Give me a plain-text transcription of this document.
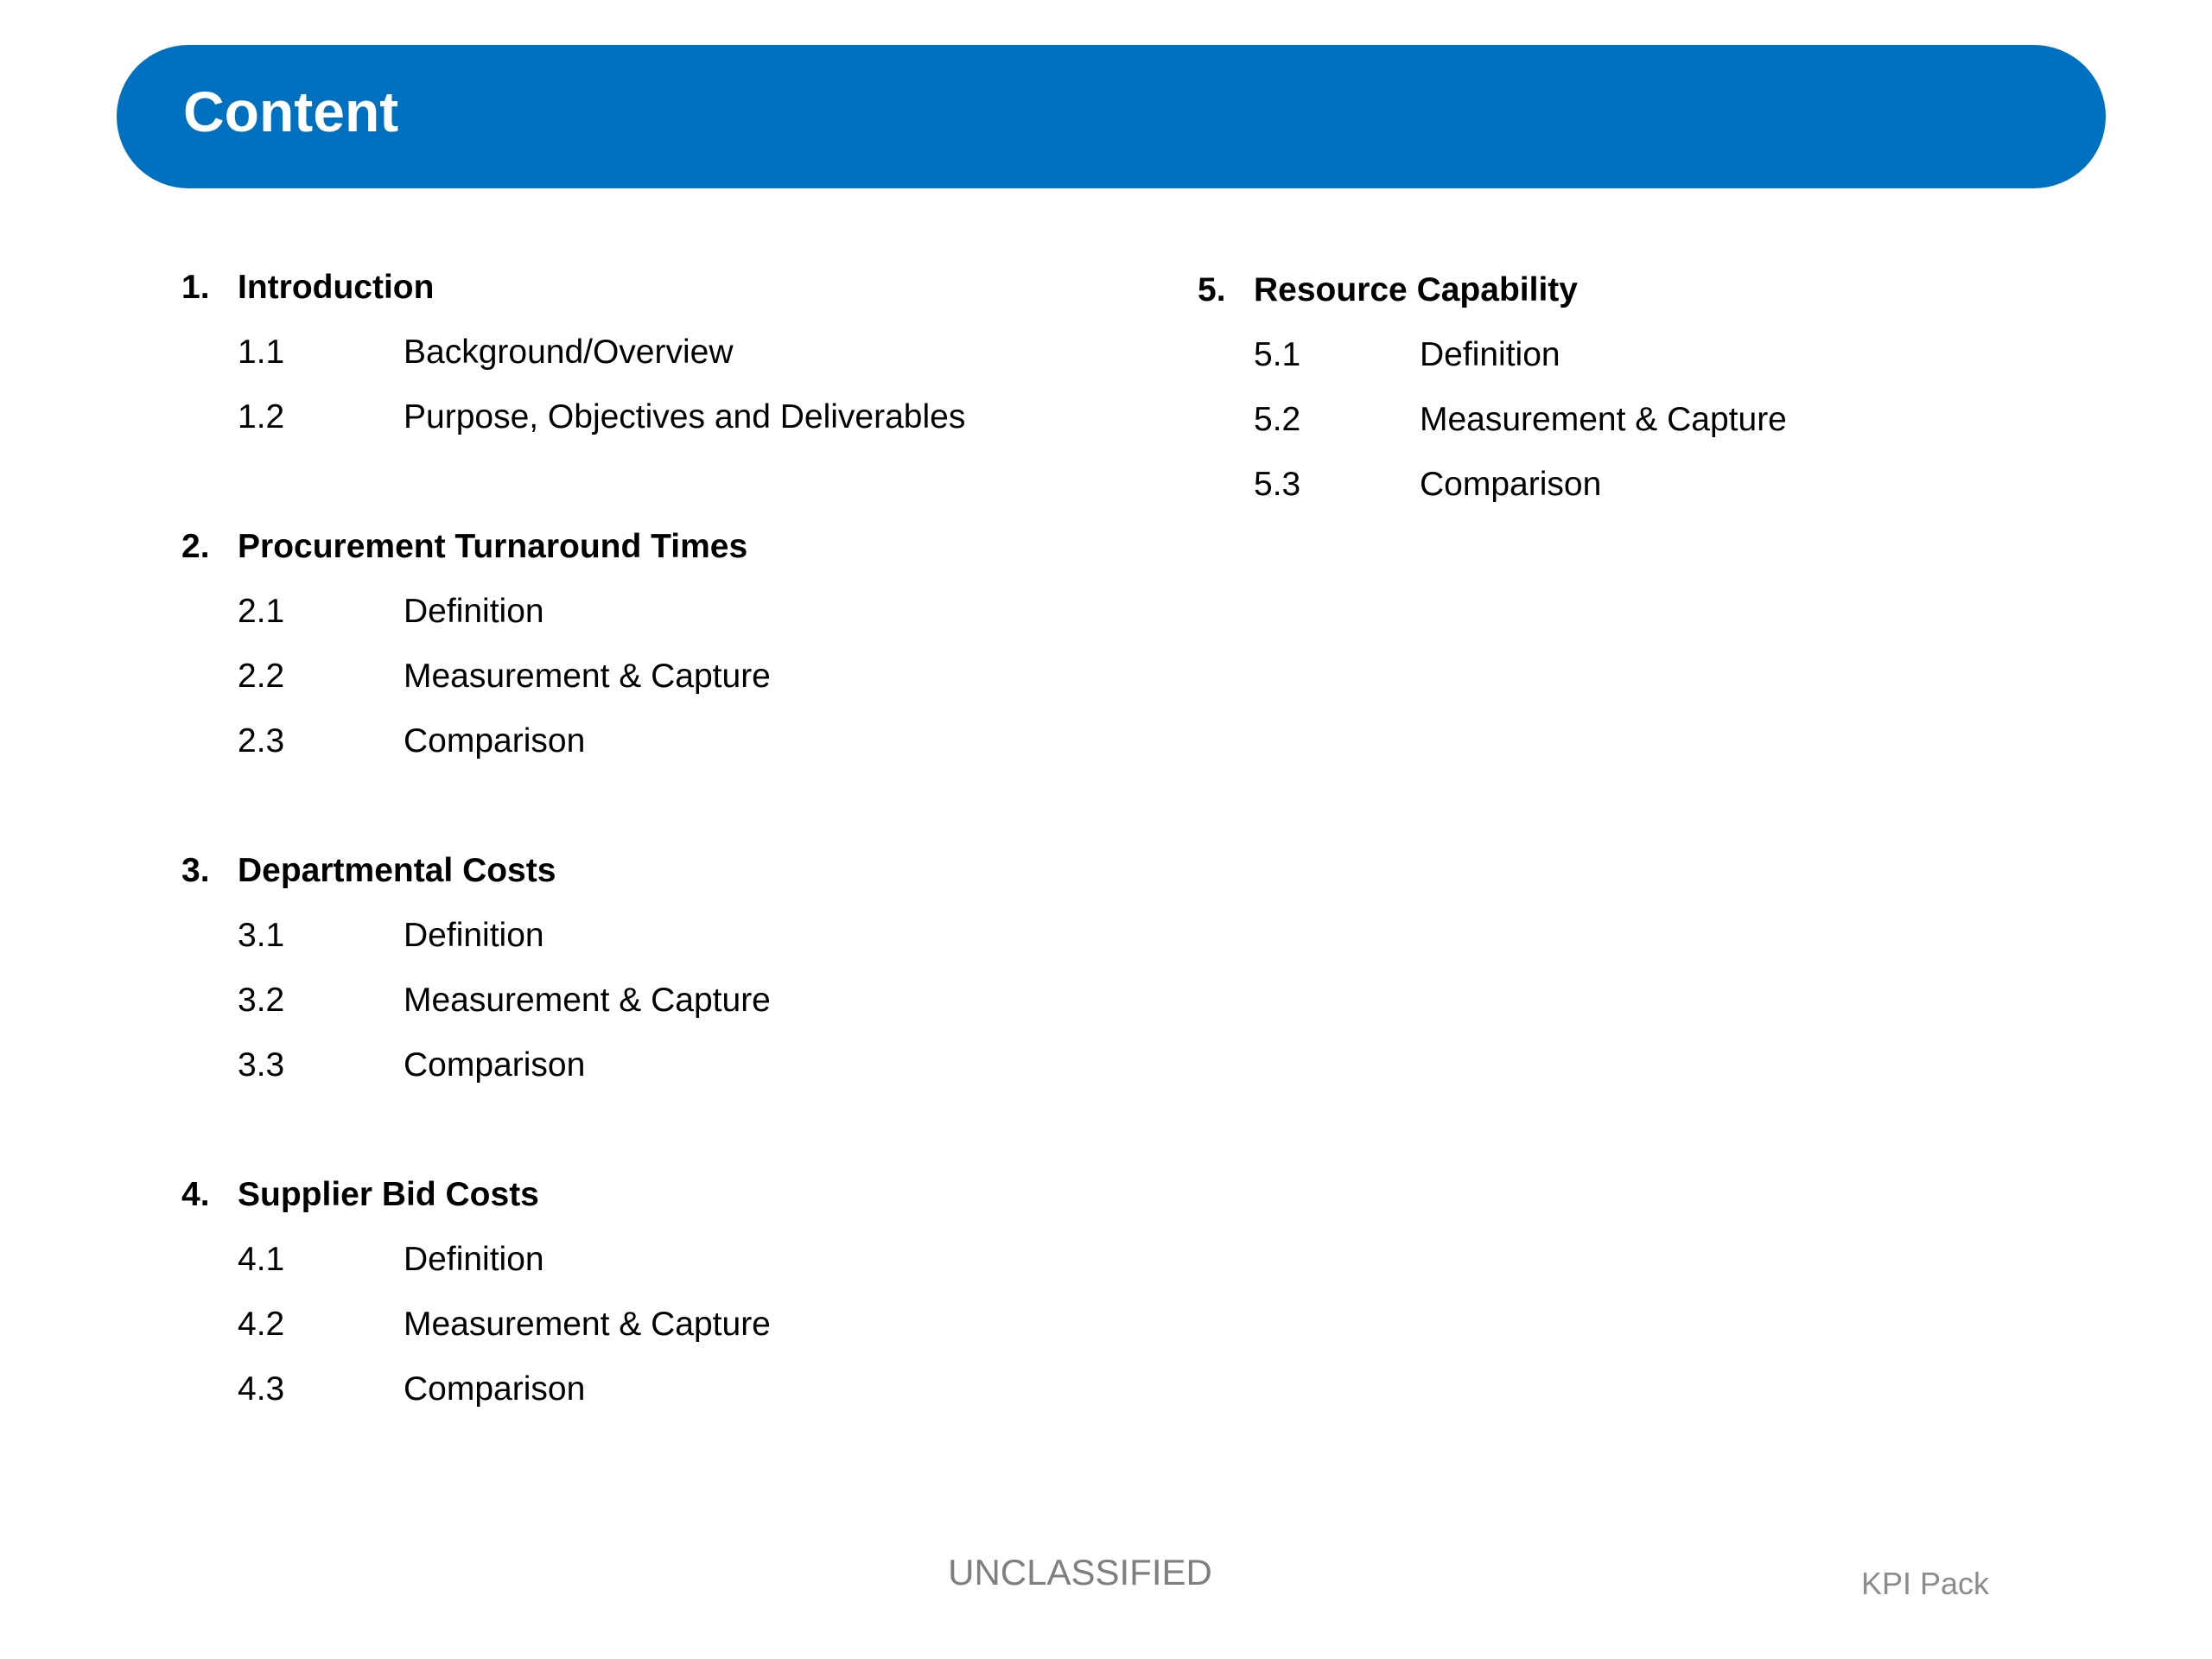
Content
1. Introduction
1.1	Background/Overview
1.2	Purpose, Objectives and Deliverables
2. Procurement Turnaround Times
2.1	Definition
2.2	Measurement & Capture
2.3	Comparison
3. Departmental Costs
3.1	Definition
3.2	Measurement & Capture
3.3	Comparison
4. Supplier Bid Costs
4.1	Definition
4.2	Measurement & Capture
4.3	Comparison
5. Resource Capability
5.1	Definition
5.2	Measurement & Capture
5.3	Comparison
UNCLASSIFIED	KPI Pack
